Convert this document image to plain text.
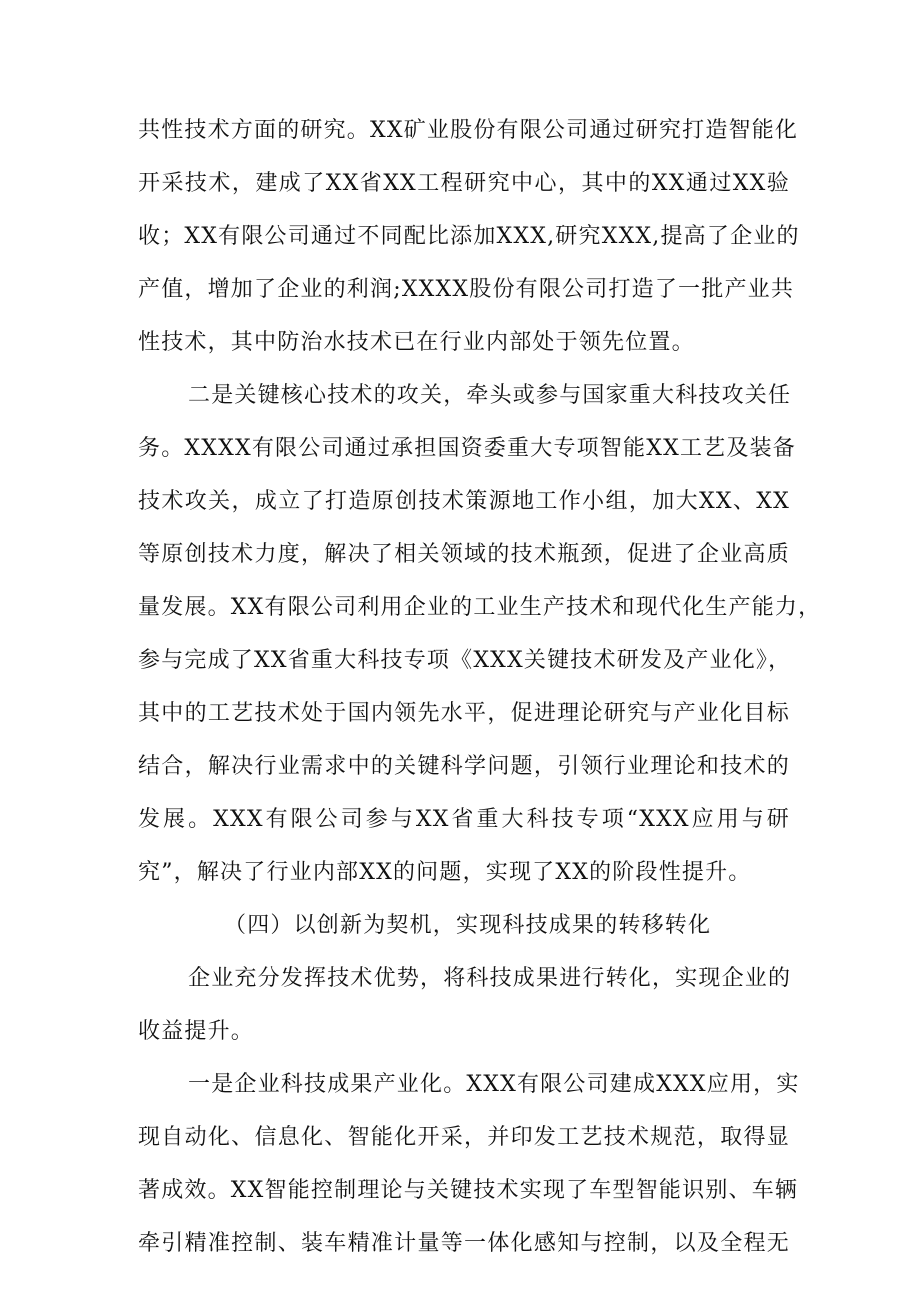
共性技术方面的研究。XX矿业股份有限公司通过研究打造智能化
开采技术，建成了XX省XX工程研究中心，其中的XX通过XX验
收；XX有限公司通过不同配比添加XXX,研究XXX,提高了企业的
产值，增加了企业的利润;XXXX股份有限公司打造了一批产业共
性技术，其中防治水技术已在行业内部处于领先位置。
二是关键核心技术的攻关，牵头或参与国家重大科技攻关任
务。XXXX有限公司通过承担国资委重大专项智能XX工艺及装备
技术攻关，成立了打造原创技术策源地工作小组，加大XX、XX
等原创技术力度，解决了相关领域的技术瓶颈，促进了企业高质
量发展。XX有限公司利用企业的工业生产技术和现代化生产能力，
参与完成了XX省重大科技专项《XXX关键技术研发及产业化》，
其中的工艺技术处于国内领先水平，促进理论研究与产业化目标
结合，解决行业需求中的关键科学问题，引领行业理论和技术的
发展。XXX有限公司参与XX省重大科技专项“XXX应用与研
究”，解决了行业内部XX的问题，实现了XX的阶段性提升。
（四）以创新为契机，实现科技成果的转移转化
企业充分发挥技术优势，将科技成果进行转化，实现企业的
收益提升。
一是企业科技成果产业化。XXX有限公司建成XXX应用，实
现自动化、信息化、智能化开采，并印发工艺技术规范，取得显
著成效。XX智能控制理论与关键技术实现了车型智能识别、车辆
牵引精准控制、装车精准计量等一体化感知与控制，以及全程无
